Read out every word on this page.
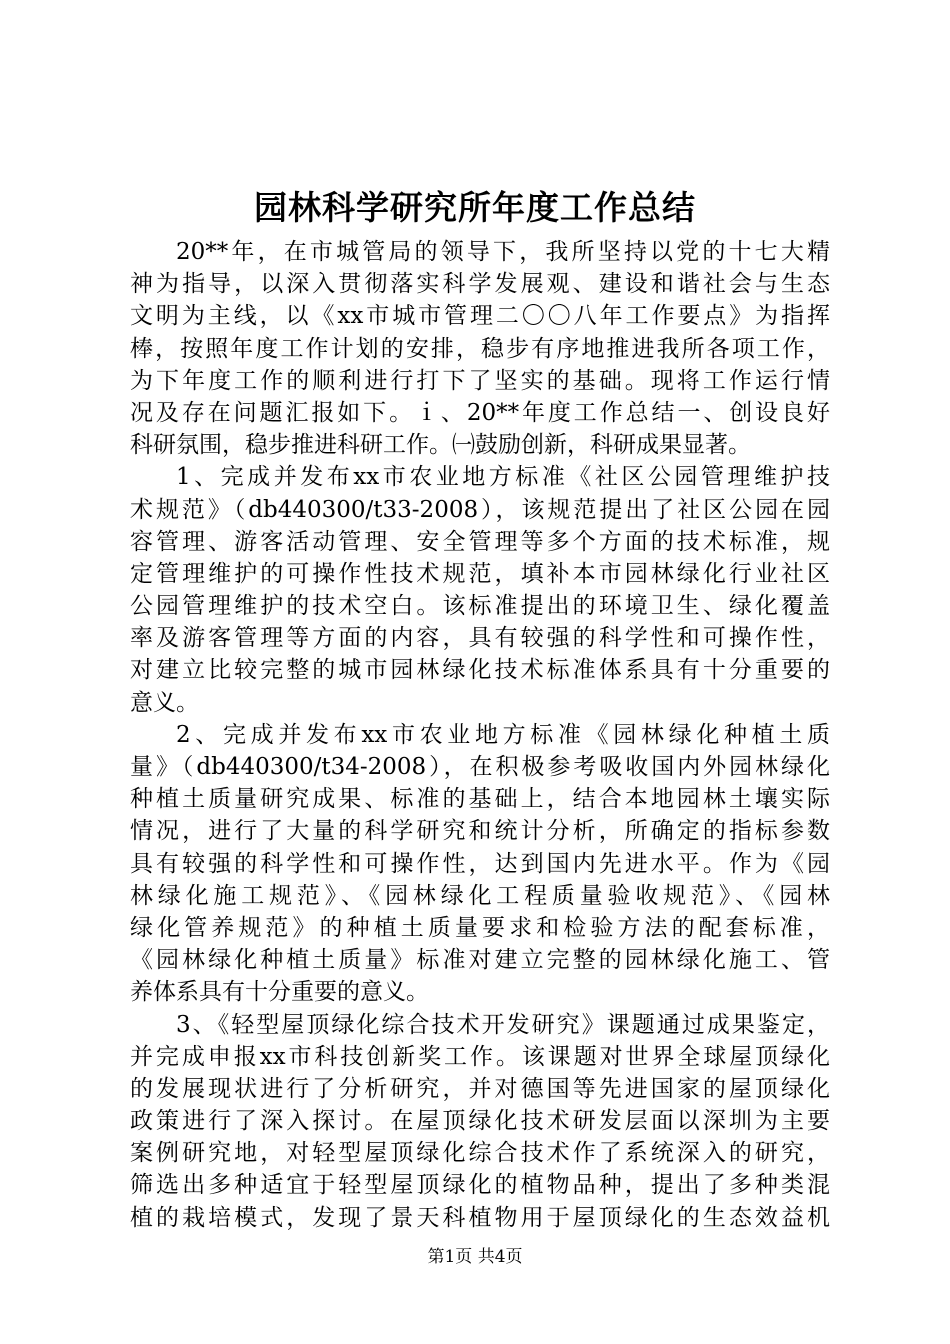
园林科学研究所年度工作总结
20**年，在市城管局的领导下，我所坚持以党的十七大精
神为指导，以深入贯彻落实科学发展观、建设和谐社会与生态
文明为主线，以《xx市城市管理二〇〇八年工作要点》为指挥
棒，按照年度工作计划的安排，稳步有序地推进我所各项工作，
为下年度工作的顺利进行打下了坚实的基础。现将工作运行情
况及存在问题汇报如下。ｉ、20**年度工作总结一、创设良好
科研氛围，稳步推进科研工作。㈠鼓励创新，科研成果显著。
1、完成并发布xx市农业地方标准《社区公园管理维护技
术规范》（db440300/t33-2008），该规范提出了社区公园在园
容管理、游客活动管理、安全管理等多个方面的技术标准，规
定管理维护的可操作性技术规范，填补本市园林绿化行业社区
公园管理维护的技术空白。该标准提出的环境卫生、绿化覆盖
率及游客管理等方面的内容，具有较强的科学性和可操作性，
对建立比较完整的城市园林绿化技术标准体系具有十分重要的
意义。
2、完成并发布xx市农业地方标准《园林绿化种植土质
量》（db440300/t34-2008），在积极参考吸收国内外园林绿化
种植土质量研究成果、标准的基础上，结合本地园林土壤实际
情况，进行了大量的科学研究和统计分析，所确定的指标参数
具有较强的科学性和可操作性，达到国内先进水平。作为《园
林绿化施工规范》、《园林绿化工程质量验收规范》、《园林
绿化管养规范》的种植土质量要求和检验方法的配套标准，
《园林绿化种植土质量》标准对建立完整的园林绿化施工、管
养体系具有十分重要的意义。
3、《轻型屋顶绿化综合技术开发研究》课题通过成果鉴定，
并完成申报xx市科技创新奖工作。该课题对世界全球屋顶绿化
的发展现状进行了分析研究，并对德国等先进国家的屋顶绿化
政策进行了深入探讨。在屋顶绿化技术研发层面以深圳为主要
案例研究地，对轻型屋顶绿化综合技术作了系统深入的研究，
筛选出多种适宜于轻型屋顶绿化的植物品种，提出了多种类混
植的栽培模式，发现了景天科植物用于屋顶绿化的生态效益机
第1页 共4页
